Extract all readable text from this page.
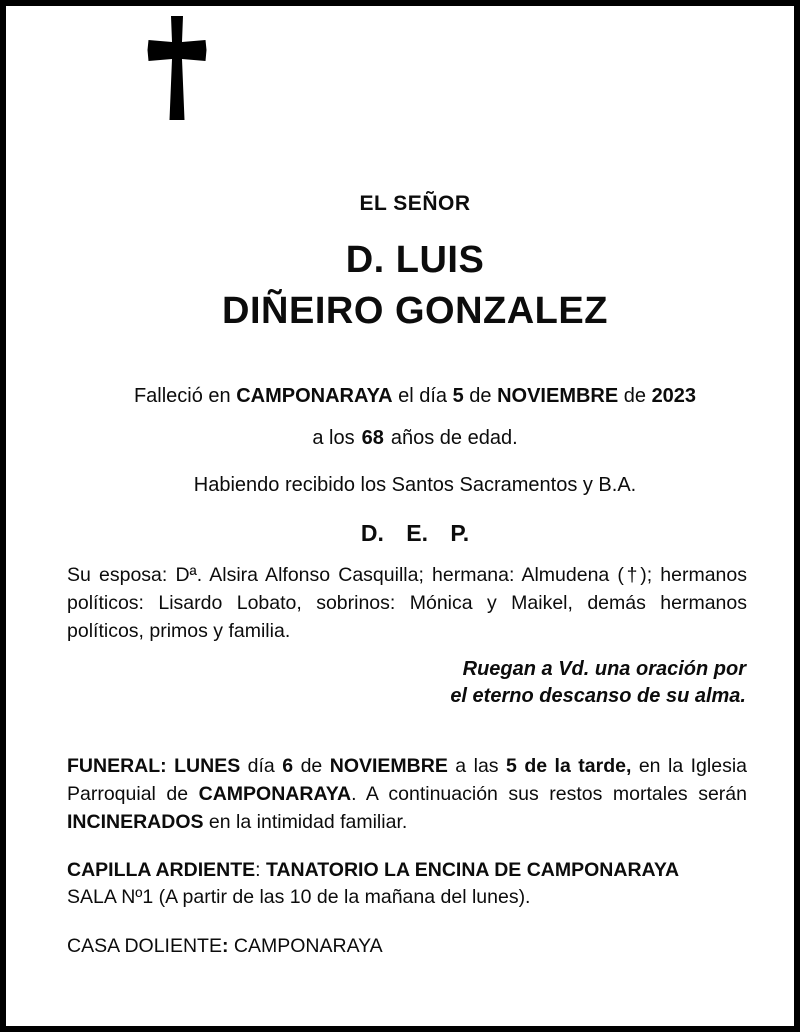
EL SEÑOR
D. LUIS
DIÑEIRO GONZALEZ
Falleció en CAMPONARAYA el día 5 de NOVIEMBRE de 2023
a los 68 años de edad.
Habiendo recibido los Santos Sacramentos y B.A.
D. E. P.
Su esposa: Dª. Alsira Alfonso Casquilla; hermana: Almudena (†); hermanos políticos: Lisardo Lobato, sobrinos: Mónica y Maikel, demás hermanos políticos, primos y familia.
Ruegan a Vd. una oración por
el eterno descanso de su alma.
FUNERAL: LUNES día 6 de NOVIEMBRE a las 5 de la tarde, en la Iglesia Parroquial de CAMPONARAYA. A continuación sus restos mortales serán INCINERADOS en la intimidad familiar.
CAPILLA ARDIENTE: TANATORIO LA ENCINA DE CAMPONARAYA
SALA Nº1 (A partir de las 10 de la mañana del lunes).
CASA DOLIENTE: CAMPONARAYA
